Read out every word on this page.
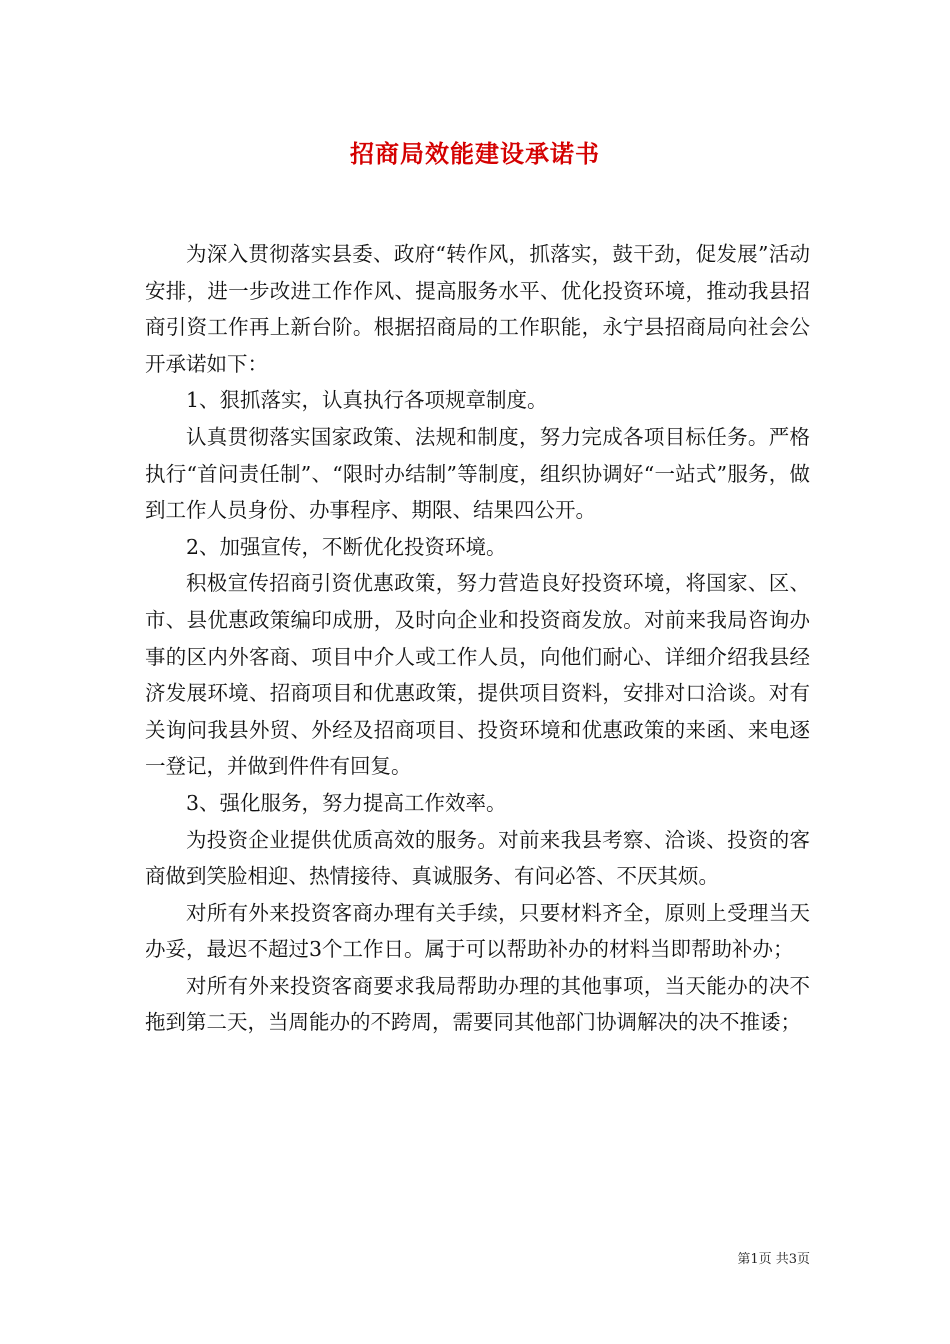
招商局效能建设承诺书

为深入贯彻落实县委、政府“转作风，抓落实，鼓干劲，促发展”活动安排，进一步改进工作作风、提高服务水平、优化投资环境，推动我县招商引资工作再上新台阶。根据招商局的工作职能，永宁县招商局向社会公开承诺如下：

1、狠抓落实，认真执行各项规章制度。

认真贯彻落实国家政策、法规和制度，努力完成各项目标任务。严格执行“首问责任制”、“限时办结制”等制度，组织协调好“一站式”服务，做到工作人员身份、办事程序、期限、结果四公开。

2、加强宣传，不断优化投资环境。

积极宣传招商引资优惠政策，努力营造良好投资环境，将国家、区、市、县优惠政策编印成册，及时向企业和投资商发放。对前来我局咨询办事的区内外客商、项目中介人或工作人员，向他们耐心、详细介绍我县经济发展环境、招商项目和优惠政策，提供项目资料，安排对口洽谈。对有关询问我县外贸、外经及招商项目、投资环境和优惠政策的来函、来电逐一登记，并做到件件有回复。

3、强化服务，努力提高工作效率。

为投资企业提供优质高效的服务。对前来我县考察、洽谈、投资的客商做到笑脸相迎、热情接待、真诚服务、有问必答、不厌其烦。

对所有外来投资客商办理有关手续，只要材料齐全，原则上受理当天办妥，最迟不超过3个工作日。属于可以帮助补办的材料当即帮助补办；

对所有外来投资客商要求我局帮助办理的其他事项，当天能办的决不拖到第二天，当周能办的不跨周，需要同其他部门协调解决的决不推诿；

第1页 共3页
